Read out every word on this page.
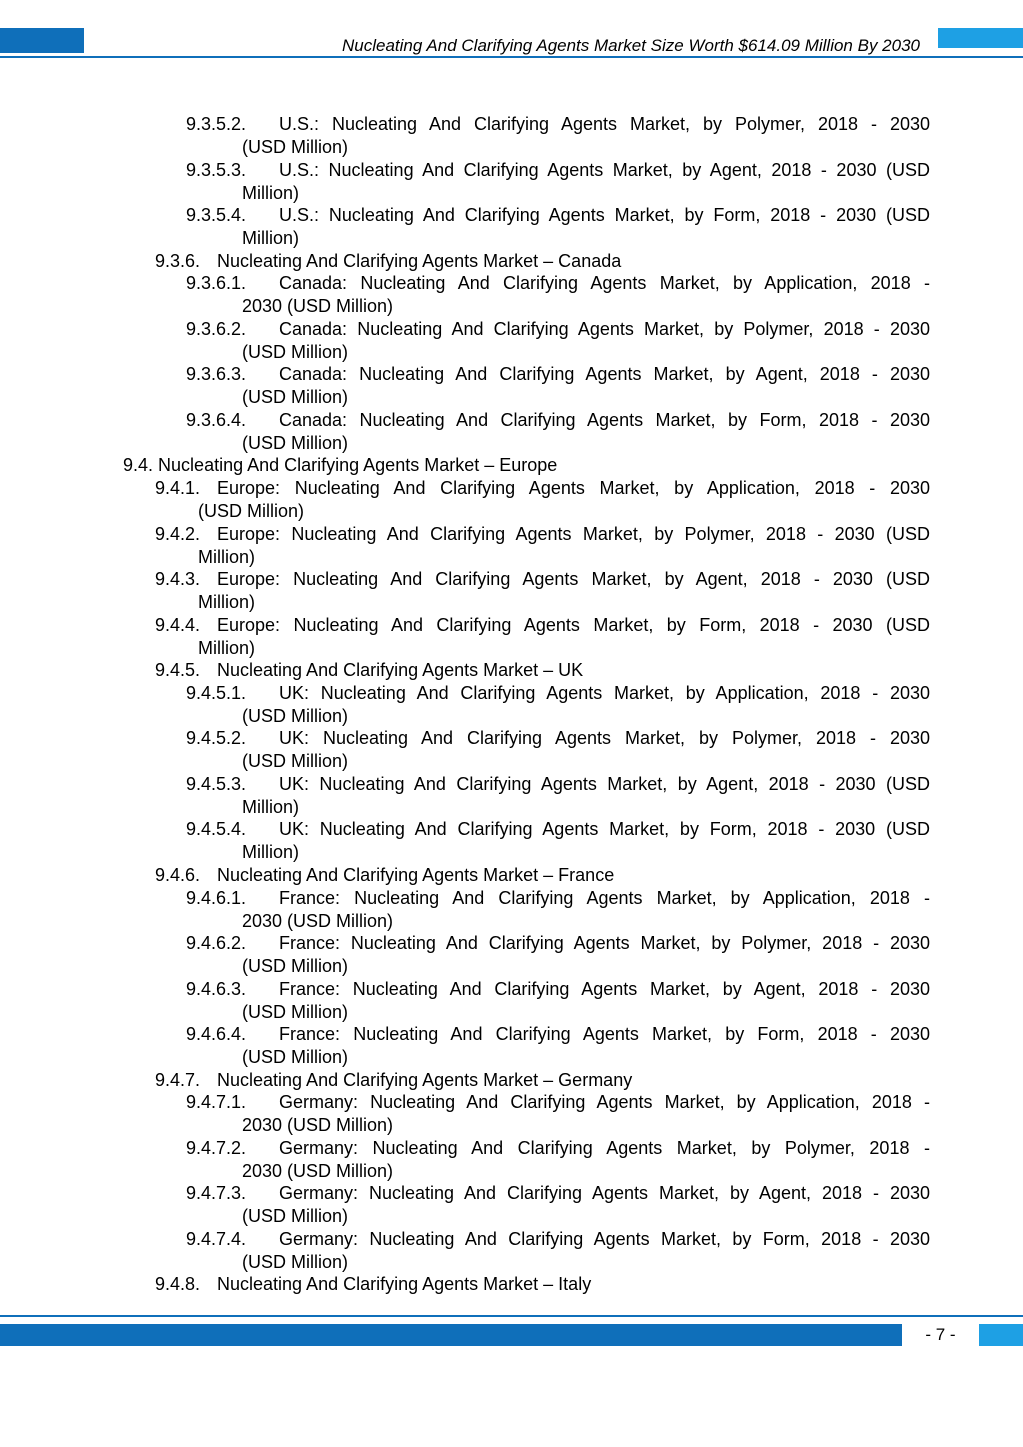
Nucleating And Clarifying Agents Market Size Worth $614.09 Million By 2030
9.3.5.2. U.S.: Nucleating And Clarifying Agents Market, by Polymer, 2018 - 2030
(USD Million)
9.3.5.3. U.S.: Nucleating And Clarifying Agents Market, by Agent, 2018 - 2030 (USD
Million)
9.3.5.4. U.S.: Nucleating And Clarifying Agents Market, by Form, 2018 - 2030 (USD
Million)
9.3.6. Nucleating And Clarifying Agents Market – Canada
9.3.6.1. Canada: Nucleating And Clarifying Agents Market, by Application, 2018 -
2030 (USD Million)
9.3.6.2. Canada: Nucleating And Clarifying Agents Market, by Polymer, 2018 - 2030
(USD Million)
9.3.6.3. Canada: Nucleating And Clarifying Agents Market, by Agent, 2018 - 2030
(USD Million)
9.3.6.4. Canada: Nucleating And Clarifying Agents Market, by Form, 2018 - 2030
(USD Million)
9.4. Nucleating And Clarifying Agents Market – Europe
9.4.1. Europe: Nucleating And Clarifying Agents Market, by Application, 2018 - 2030
(USD Million)
9.4.2. Europe: Nucleating And Clarifying Agents Market, by Polymer, 2018 - 2030 (USD
Million)
9.4.3. Europe: Nucleating And Clarifying Agents Market, by Agent, 2018 - 2030 (USD
Million)
9.4.4. Europe: Nucleating And Clarifying Agents Market, by Form, 2018 - 2030 (USD
Million)
9.4.5. Nucleating And Clarifying Agents Market – UK
9.4.5.1. UK: Nucleating And Clarifying Agents Market, by Application, 2018 - 2030
(USD Million)
9.4.5.2. UK: Nucleating And Clarifying Agents Market, by Polymer, 2018 - 2030
(USD Million)
9.4.5.3. UK: Nucleating And Clarifying Agents Market, by Agent, 2018 - 2030 (USD
Million)
9.4.5.4. UK: Nucleating And Clarifying Agents Market, by Form, 2018 - 2030 (USD
Million)
9.4.6. Nucleating And Clarifying Agents Market – France
9.4.6.1. France: Nucleating And Clarifying Agents Market, by Application, 2018 -
2030 (USD Million)
9.4.6.2. France: Nucleating And Clarifying Agents Market, by Polymer, 2018 - 2030
(USD Million)
9.4.6.3. France: Nucleating And Clarifying Agents Market, by Agent, 2018 - 2030
(USD Million)
9.4.6.4. France: Nucleating And Clarifying Agents Market, by Form, 2018 - 2030
(USD Million)
9.4.7. Nucleating And Clarifying Agents Market – Germany
9.4.7.1. Germany: Nucleating And Clarifying Agents Market, by Application, 2018 -
2030 (USD Million)
9.4.7.2. Germany: Nucleating And Clarifying Agents Market, by Polymer, 2018 -
2030 (USD Million)
9.4.7.3. Germany: Nucleating And Clarifying Agents Market, by Agent, 2018 - 2030
(USD Million)
9.4.7.4. Germany: Nucleating And Clarifying Agents Market, by Form, 2018 - 2030
(USD Million)
9.4.8. Nucleating And Clarifying Agents Market – Italy
- 7 -
